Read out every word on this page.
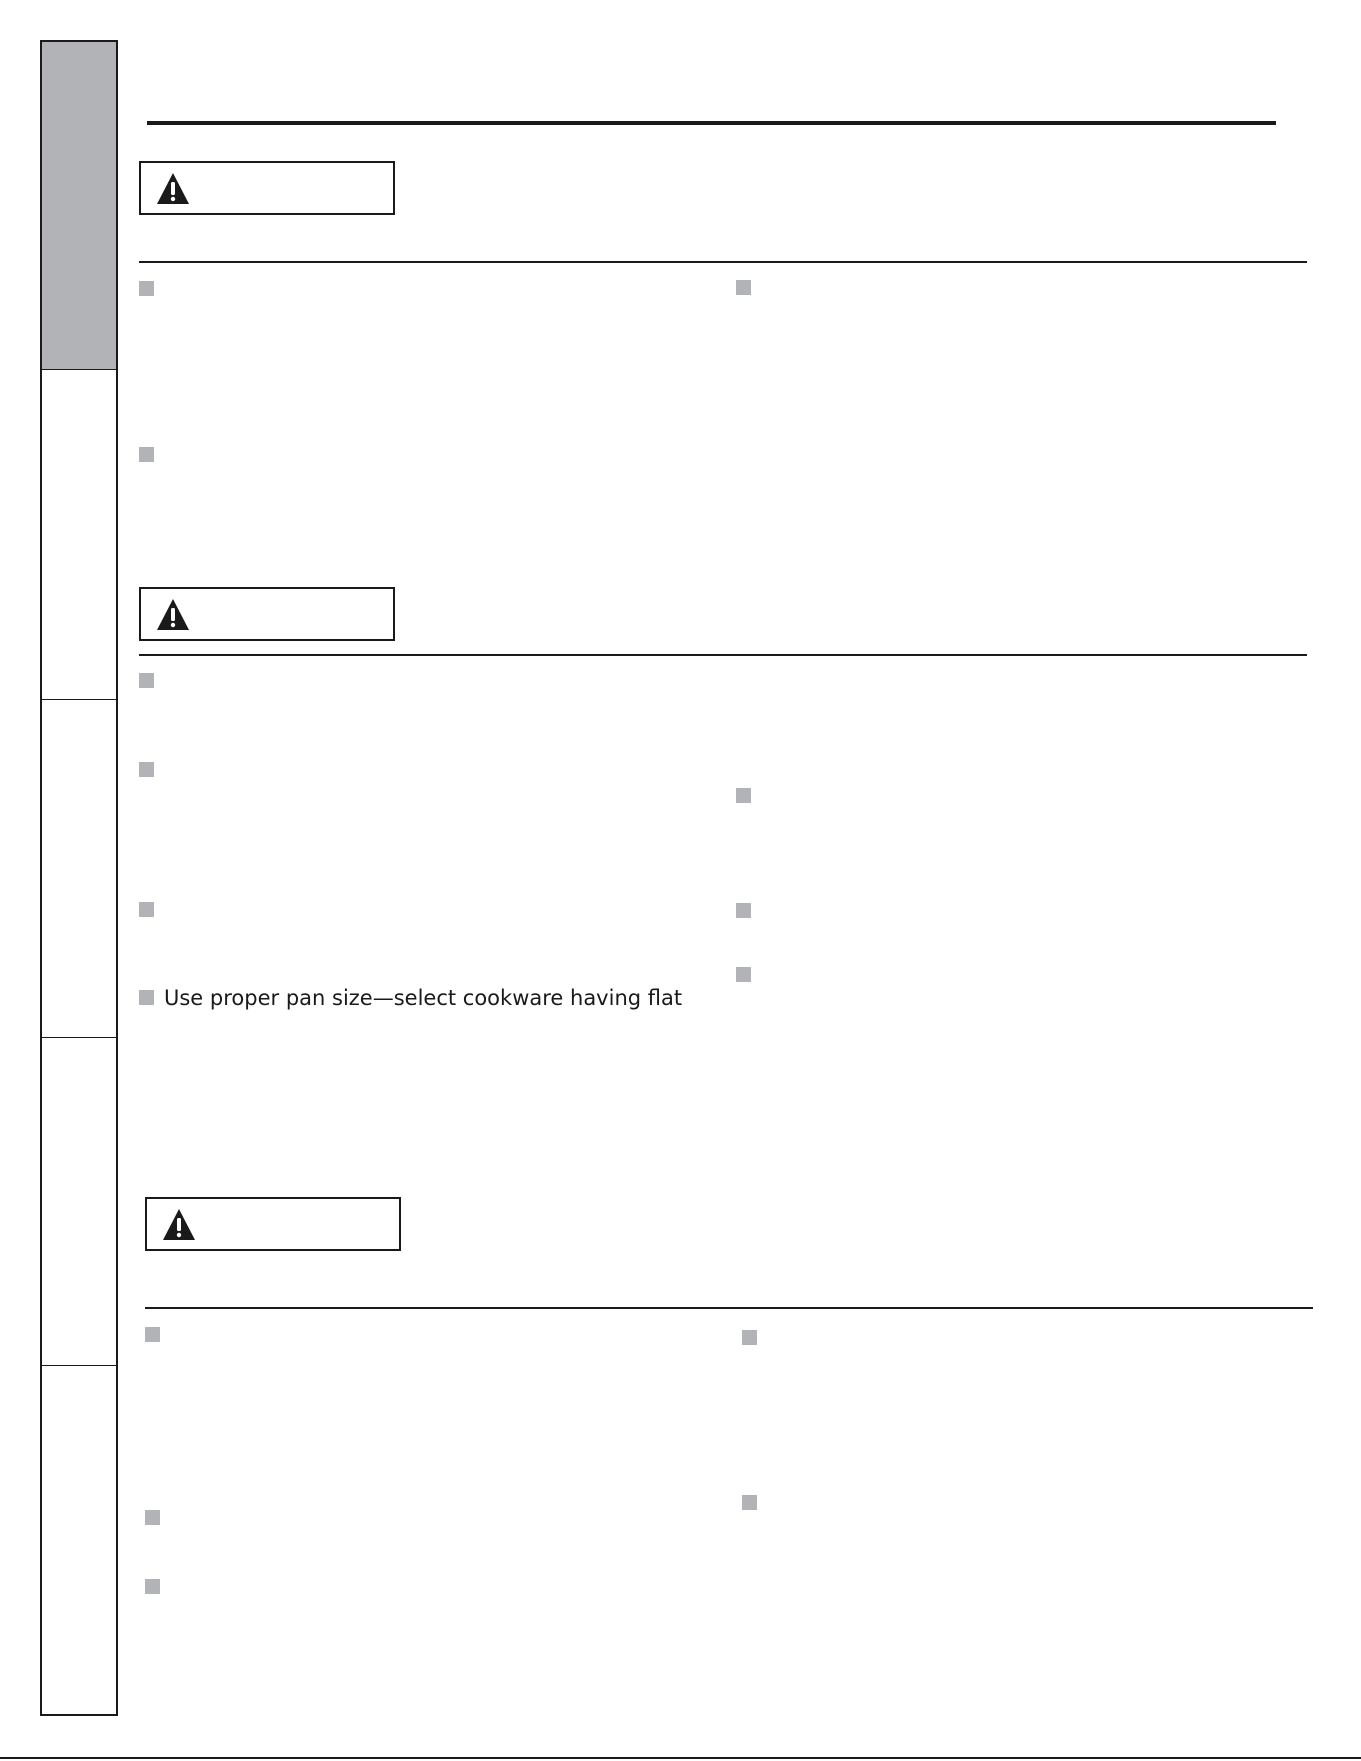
Use proper pan size—select cookware having flat
